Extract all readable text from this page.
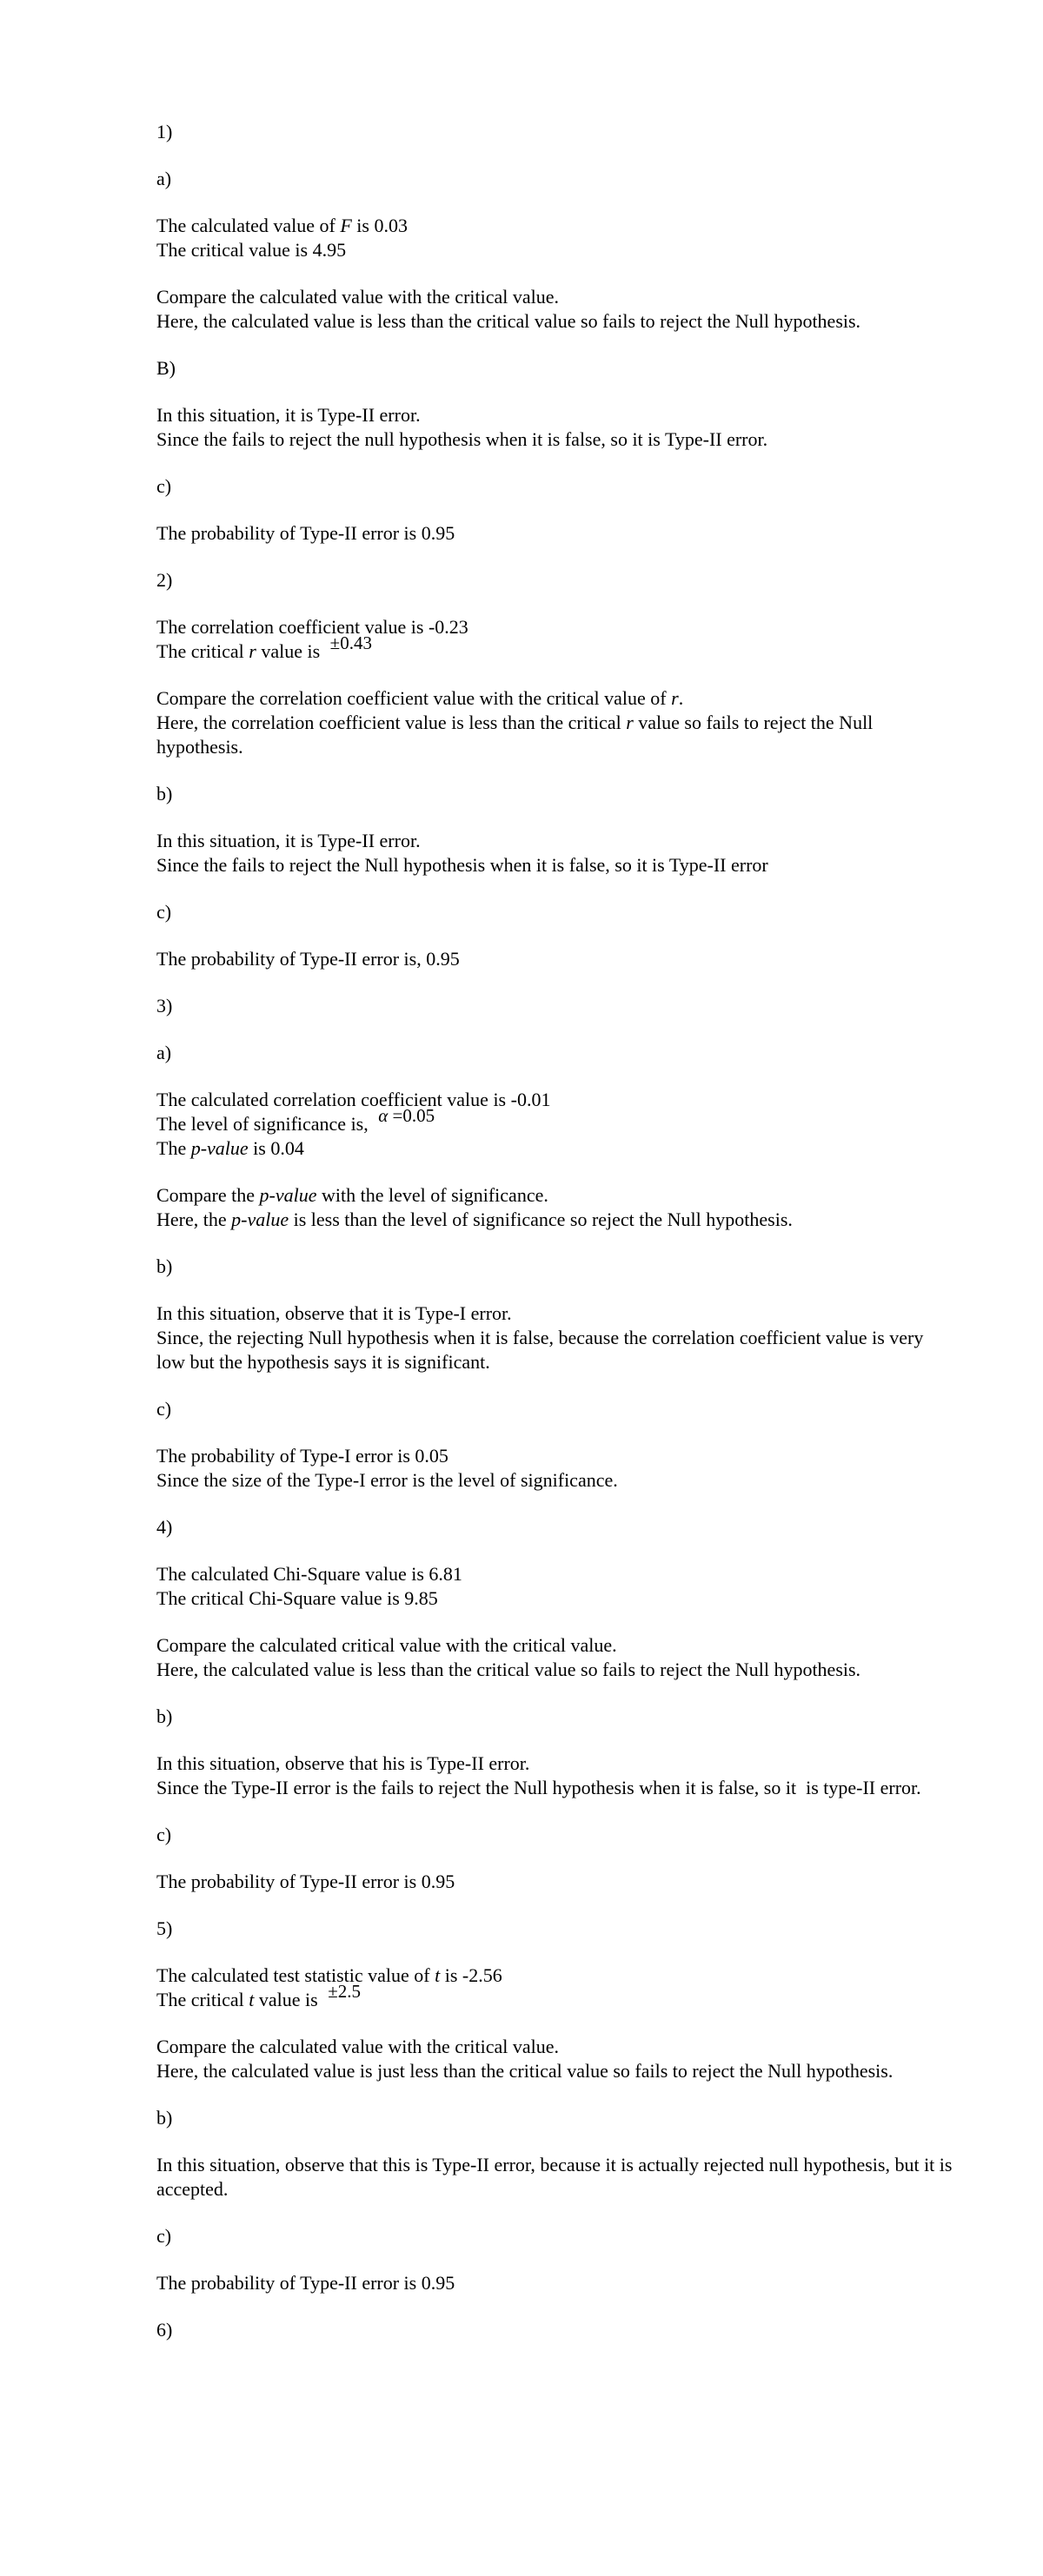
1)

a)

The calculated value of F is 0.03
The critical value is 4.95

Compare the calculated value with the critical value.
Here, the calculated value is less than the critical value so fails to reject the Null hypothesis.

B)

In this situation, it is Type-II error.
Since the fails to reject the null hypothesis when it is false, so it is Type-II error.

c)

The probability of Type-II error is 0.95

2)

The correlation coefficient value is -0.23
The critical r value is ±0.43

Compare the correlation coefficient value with the critical value of r.
Here, the correlation coefficient value is less than the critical r value so fails to reject the Null hypothesis.

b)

In this situation, it is Type-II error.
Since the fails to reject the Null hypothesis when it is false, so it is Type-II error

c)

The probability of Type-II error is, 0.95

3)

a)

The calculated correlation coefficient value is -0.01
The level of significance is, α =0.05
The p-value is 0.04

Compare the p-value with the level of significance.
Here, the p-value is less than the level of significance so reject the Null hypothesis.

b)

In this situation, observe that it is Type-I error.
Since, the rejecting Null hypothesis when it is false, because the correlation coefficient value is very low but the hypothesis says it is significant.

c)

The probability of Type-I error is 0.05
Since the size of the Type-I error is the level of significance.

4)

The calculated Chi-Square value is 6.81
The critical Chi-Square value is 9.85

Compare the calculated critical value with the critical value.
Here, the calculated value is less than the critical value so fails to reject the Null hypothesis.

b)

In this situation, observe that his is Type-II error.
Since the Type-II error is the fails to reject the Null hypothesis when it is false, so it  is type-II error.

c)

The probability of Type-II error is 0.95

5)

The calculated test statistic value of t is -2.56
The critical t value is ±2.5

Compare the calculated value with the critical value.
Here, the calculated value is just less than the critical value so fails to reject the Null hypothesis.

b)

In this situation, observe that this is Type-II error, because it is actually rejected null hypothesis, but it is accepted.

c)

The probability of Type-II error is 0.95

6)
